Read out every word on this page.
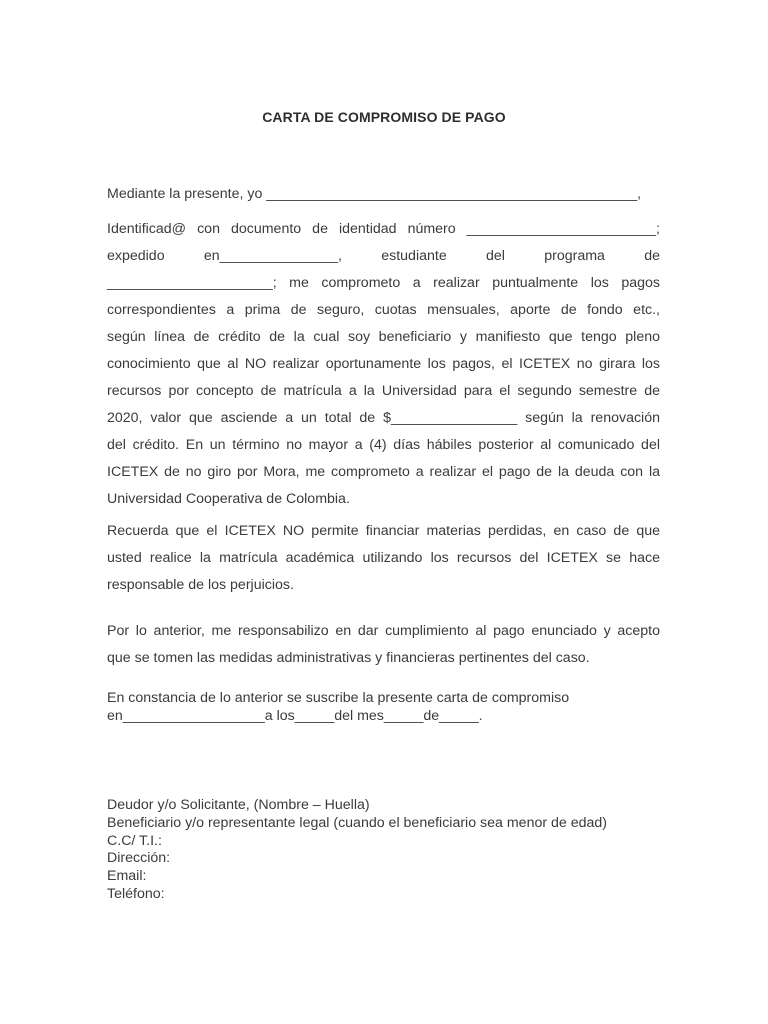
CARTA DE COMPROMISO DE PAGO
Mediante la presente, yo _______________________________________________,
Identificad@ con documento de identidad número ________________________;
expedido en_______________, estudiante del programa de
_____________________; me comprometo a realizar puntualmente los pagos
correspondientes a prima de seguro, cuotas mensuales, aporte de fondo etc.,
según línea de crédito de la cual soy beneficiario y manifiesto que tengo pleno
conocimiento que al NO realizar oportunamente los pagos, el ICETEX no girara los
recursos por concepto de matrícula a la Universidad para el segundo semestre de
2020, valor que asciende a un total de $________________ según la renovación
del crédito. En un término no mayor a (4) días hábiles posterior al comunicado del
ICETEX de no giro por Mora, me comprometo a realizar el pago de la deuda con la
Universidad Cooperativa de Colombia.
Recuerda que el ICETEX NO permite financiar materias perdidas, en caso de que
usted realice la matrícula académica utilizando los recursos del ICETEX se hace
responsable de los perjuicios.
Por lo anterior, me responsabilizo en dar cumplimiento al pago enunciado y acepto
que se tomen las medidas administrativas y financieras pertinentes del caso.
En constancia de lo anterior se suscribe la presente carta de compromiso
en__________________a los_____del mes_____de_____.
Deudor y/o Solicitante, (Nombre – Huella)
Beneficiario y/o representante legal (cuando el beneficiario sea menor de edad)
C.C/ T.I.:
Dirección:
Email:
Teléfono:
